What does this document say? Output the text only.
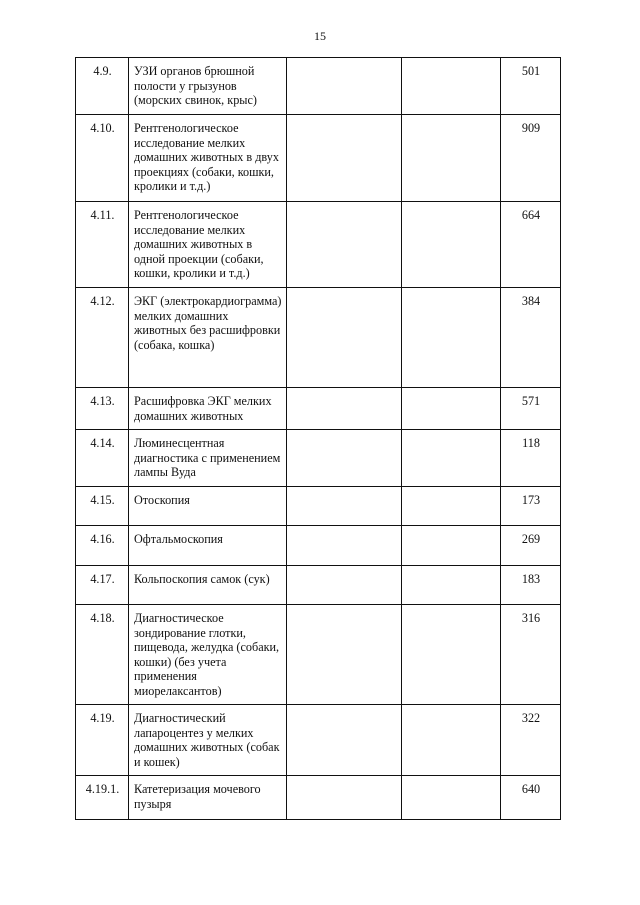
15
4.9.	УЗИ органов брюшной полости у грызунов (морских свинок, крыс)			501
4.10.	Рентгенологическое исследование мелких домашних животных в двух проекциях (собаки, кошки, кролики и т.д.)			909
4.11.	Рентгенологическое исследование мелких домашних животных в одной проекции (собаки, кошки, кролики и т.д.)			664
4.12.	ЭКГ (электрокардиограмма) мелких домашних животных без расшифровки (собака, кошка)			384
4.13.	Расшифровка ЭКГ мелких домашних животных			571
4.14.	Люминесцентная диагностика с применением лампы Вуда			118
4.15.	Отоскопия			173
4.16.	Офтальмоскопия			269
4.17.	Кольпоскопия самок (сук)			183
4.18.	Диагностическое зондирование глотки, пищевода, желудка (собаки, кошки) (без учета применения миорелаксантов)			316
4.19.	Диагностический лапароцентез у мелких домашних животных (собак и кошек)			322
4.19.1.	Катетеризация мочевого пузыря			640
